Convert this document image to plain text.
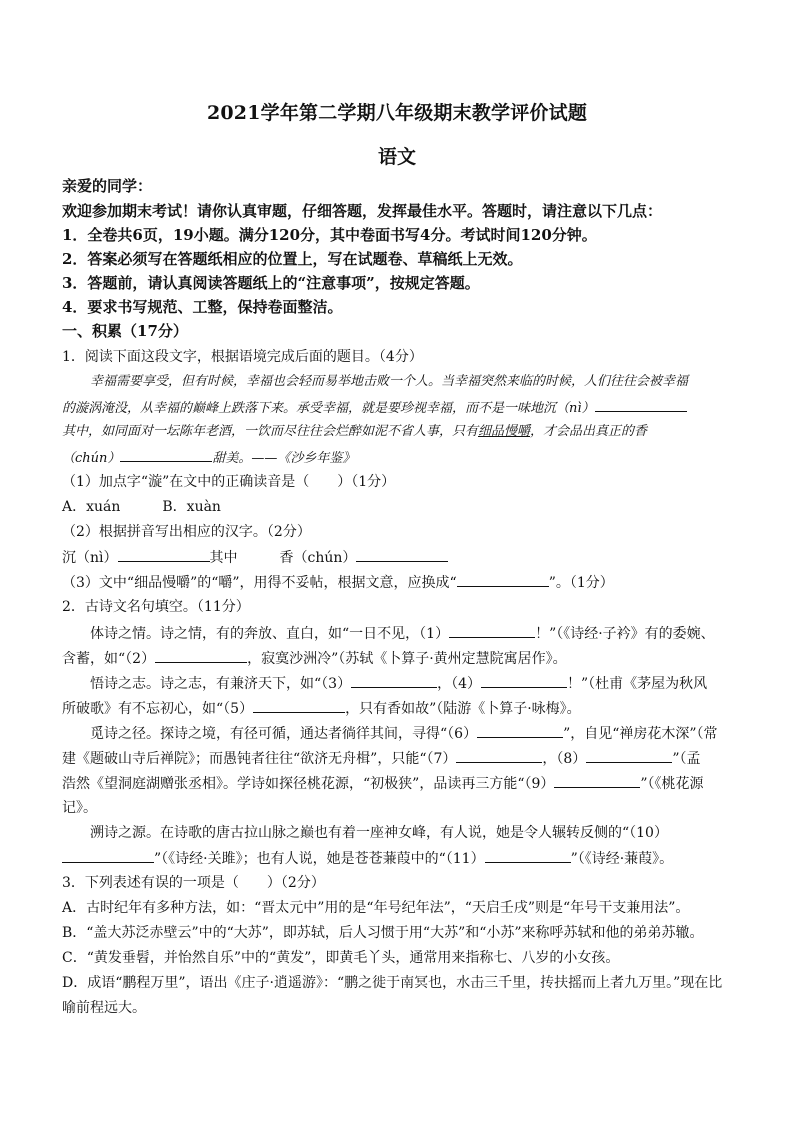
2021学年第二学期八年级期末教学评价试题
语文
亲爱的同学：
欢迎参加期末考试！请你认真审题，仔细答题，发挥最佳水平。答题时，请注意以下几点：
1．全卷共6页，19小题。满分120分，其中卷面书写4分。考试时间120分钟。
2．答案必须写在答题纸相应的位置上，写在试题卷、草稿纸上无效。
3．答题前，请认真阅读答题纸上的“注意事项”，按规定答题。
4．要求书写规范、工整，保持卷面整洁。
一、积累（17分）
1．阅读下面这段文字，根据语境完成后面的题目。（4分）
幸福需要享受，但有时候，幸福也会轻而易举地击败一个人。当幸福突然来临的时候，人们往往会被幸福
的漩涡淹没，从幸福的巅峰上跌落下来。承受幸福，就是要珍视幸福，而不是一味地沉（nì）
其中，如同面对一坛陈年老酒，一饮而尽往往会烂醉如泥不省人事，只有细品慢嚼，才会品出真正的香
（chún）	甜美。——《沙乡年鉴》
（1）加点字“漩”在文中的正确读音是（　　）（1分）
A．xuán　　　B．xuàn
（2）根据拼音写出相应的汉字。（2分）
沉（nì）	其中　　　香（chún）
（3）文中“细品慢嚼”的“嚼”，用得不妥帖，根据文意，应换成“	”。（1分）
2．古诗文名句填空。（11分）
体诗之情。诗之情，有的奔放、直白，如“一日不见，（1）	！”（《诗经·子衿》有的委婉、
含蓄，如“（2）	，寂寞沙洲冷”（苏轼《卜算子·黄州定慧院寓居作》。
悟诗之志。诗之志，有兼济天下，如“（3）	，（4）	！”（杜甫《茅屋为秋风
所破歌》有不忘初心，如“（5）	，只有香如故”（陆游《卜算子·咏梅》。
觅诗之径。探诗之境，有径可循，通达者徜徉其间，寻得“（6）	”，自见“禅房花木深”（常
建《题破山寺后禅院》；而愚钝者往往“欲济无舟楫”，只能“（7）	，（8）	”（孟
浩然《望洞庭湖赠张丞相》。学诗如探径桃花源，“初极狭”，品读再三方能“（9）	”（《桃花源
记》。
溯诗之源。在诗歌的唐古拉山脉之巅也有着一座神女峰，有人说，她是令人辗转反侧的“（10）
”（《诗经·关雎》；也有人说，她是苍苍蒹葭中的“（11）	”（《诗经·蒹葭》。
3．下列表述有误的一项是（　　）（2分）
A．古时纪年有多种方法，如：“晋太元中”用的是“年号纪年法”，“天启壬戌”则是“年号干支兼用法”。
B．“盖大苏泛赤壁云”中的“大苏”，即苏轼，后人习惯于用“大苏”和“小苏”来称呼苏轼和他的弟弟苏辙。
C．“黄发垂髫，并怡然自乐”中的“黄发”，即黄毛丫头，通常用来指称七、八岁的小女孩。
D．成语“鹏程万里”，语出《庄子·逍遥游》：“鹏之徙于南冥也，水击三千里，抟扶摇而上者九万里。”现在比
喻前程远大。
